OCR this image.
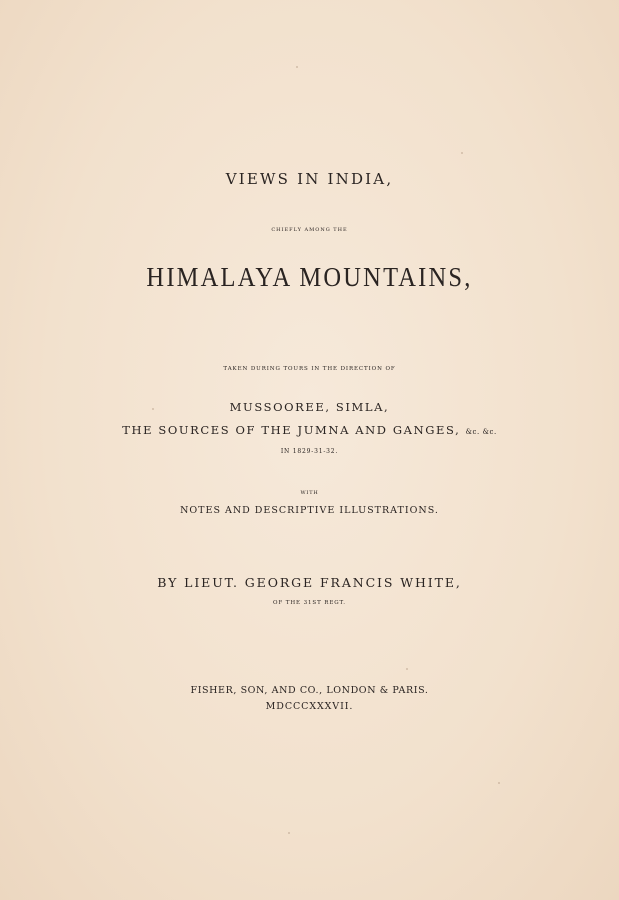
VIEWS IN INDIA,
CHIEFLY AMONG THE
HIMALAYA MOUNTAINS,
TAKEN DURING TOURS IN THE DIRECTION OF
MUSSOOREE, SIMLA,
THE SOURCES OF THE JUMNA AND GANGES, &c. &c.
IN 1829-31-32.
WITH
NOTES AND DESCRIPTIVE ILLUSTRATIONS.
BY LIEUT. GEORGE FRANCIS WHITE,
OF THE 31ST REGT.
FISHER, SON, AND CO., LONDON & PARIS.
MDCCCXXXVII.
